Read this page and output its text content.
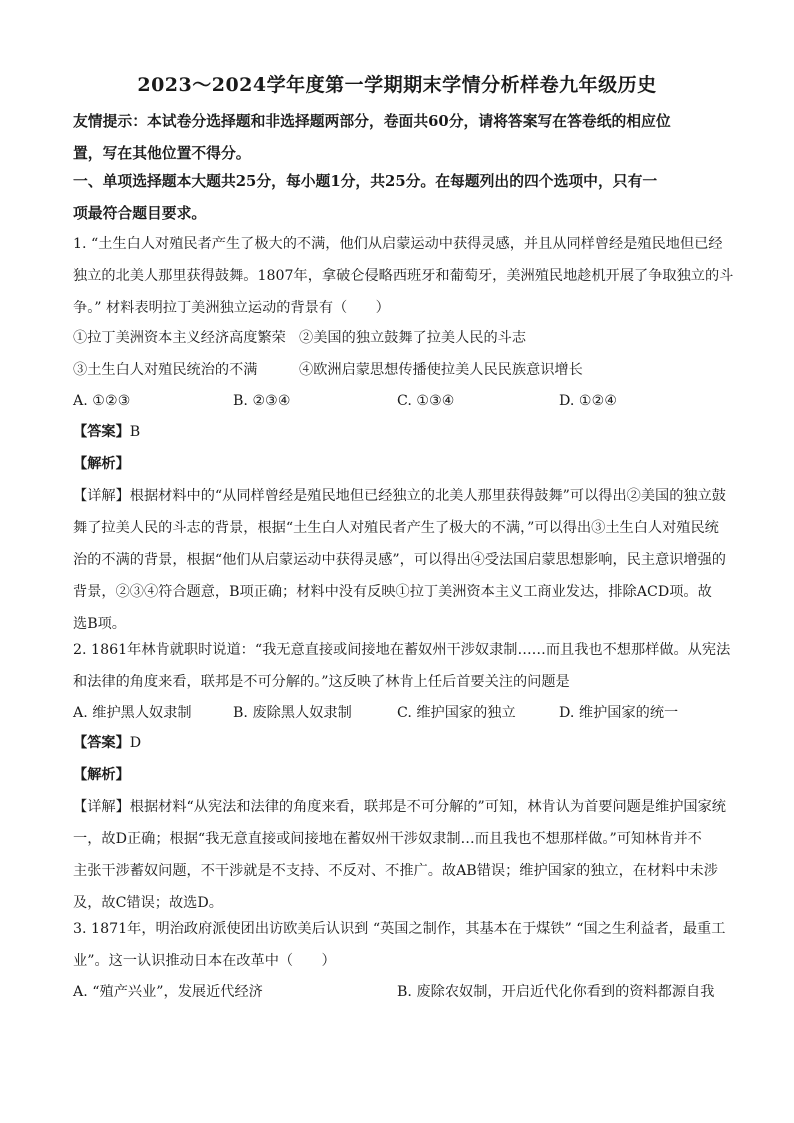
2023～2024学年度第一学期期末学情分析样卷九年级历史
友情提示：本试卷分选择题和非选择题两部分，卷面共60分，请将答案写在答卷纸的相应位
置，写在其他位置不得分。
一、单项选择题本大题共25分，每小题1分，共25分。在每题列出的四个选项中，只有一
项最符合题目要求。
1. “土生白人对殖民者产生了极大的不满，他们从启蒙运动中获得灵感，并且从同样曾经是殖民地但已经
独立的北美人那里获得鼓舞。1807年，拿破仑侵略西班牙和葡萄牙，美洲殖民地趁机开展了争取独立的斗
争。” 材料表明拉丁美洲独立运动的背景有（　　）
①拉丁美洲资本主义经济高度繁荣 ②美国的独立鼓舞了拉美人民的斗志
③土生白人对殖民统治的不满	④欧洲启蒙思想传播使拉美人民民族意识增长
A. ①②③	B. ②③④	C. ①③④	D. ①②④
【答案】B
【解析】
【详解】根据材料中的“从同样曾经是殖民地但已经独立的北美人那里获得鼓舞”可以得出②美国的独立鼓
舞了拉美人民的斗志的背景，根据“土生白人对殖民者产生了极大的不满，”可以得出③土生白人对殖民统
治的不满的背景，根据“他们从启蒙运动中获得灵感”，可以得出④受法国启蒙思想影响，民主意识增强的
背景，②③④符合题意，B项正确；材料中没有反映①拉丁美洲资本主义工商业发达，排除ACD项。故
选B项。
2. 1861年林肯就职时说道：“我无意直接或间接地在蓄奴州干涉奴隶制……而且我也不想那样做。从宪法
和法律的角度来看，联邦是不可分解的。”这反映了林肯上任后首要关注的问题是
A. 维护黑人奴隶制	B. 废除黑人奴隶制	C. 维护国家的独立	D. 维护国家的统一
【答案】D
【解析】
【详解】根据材料“从宪法和法律的角度来看，联邦是不可分解的”可知，林肯认为首要问题是维护国家统
一，故D正确；根据“我无意直接或间接地在蓄奴州干涉奴隶制…而且我也不想那样做。”可知林肯并不
主张干涉蓄奴问题，不干涉就是不支持、不反对、不推广。故AB错误；维护国家的独立，在材料中未涉
及，故C错误；故选D。
3. 1871年，明治政府派使团出访欧美后认识到 “英国之制作，其基本在于煤铁” “国之生利益者，最重工
业”。这一认识推动日本在改革中（　　）
A. “殖产兴业”，发展近代经济	B. 废除农奴制，开启近代化你看到的资料都源自我
